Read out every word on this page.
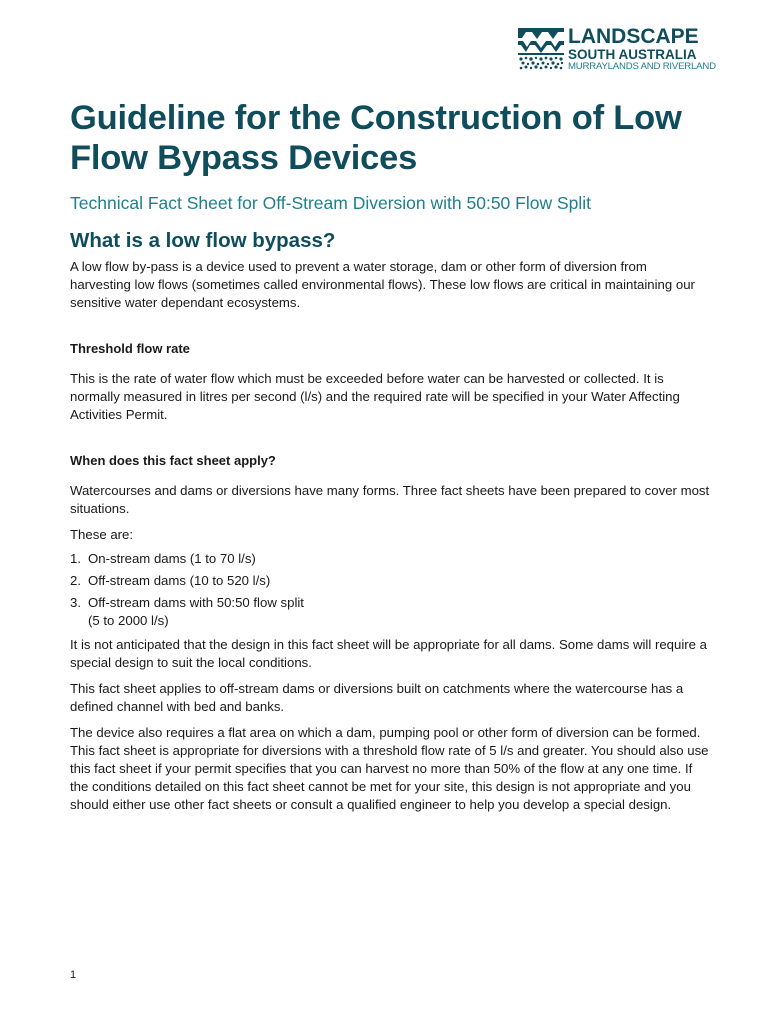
LANDSCAPE
SOUTH AUSTRALIA
MURRAYLANDS AND RIVERLAND
Guideline for the Construction of Low Flow Bypass Devices
Technical Fact Sheet for Off-Stream Diversion with 50:50 Flow Split
What is a low flow bypass?

A low flow by-pass is a device used to prevent a water storage, dam or other form of diversion from harvesting low flows (sometimes called environmental flows). These low flows are critical in maintaining our sensitive water dependant ecosystems.

Threshold flow rate

This is the rate of water flow which must be exceeded before water can be harvested or collected. It is normally measured in litres per second (l/s) and the required rate will be specified in your Water Affecting Activities Permit.

When does this fact sheet apply?

Watercourses and dams or diversions have many forms. Three fact sheets have been prepared to cover most situations.

These are:

1. On-stream dams (1 to 70 l/s)
2. Off-stream dams (10 to 520 l/s)
3. Off-stream dams with 50:50 flow split
(5 to 2000 l/s)

It is not anticipated that the design in this fact sheet will be appropriate for all dams. Some dams will require a special design to suit the local conditions.

This fact sheet applies to off-stream dams or diversions built on catchments where the watercourse has a defined channel with bed and banks.

The device also requires a flat area on which a dam, pumping pool or other form of diversion can be formed. This fact sheet is appropriate for diversions with a threshold flow rate of 5 l/s and greater. You should also use this fact sheet if your permit specifies that you can harvest no more than 50% of the flow at any one time. If the conditions detailed on this fact sheet cannot be met for your site, this design is not appropriate and you should either use other fact sheets or consult a qualified engineer to help you develop a special design.

1
